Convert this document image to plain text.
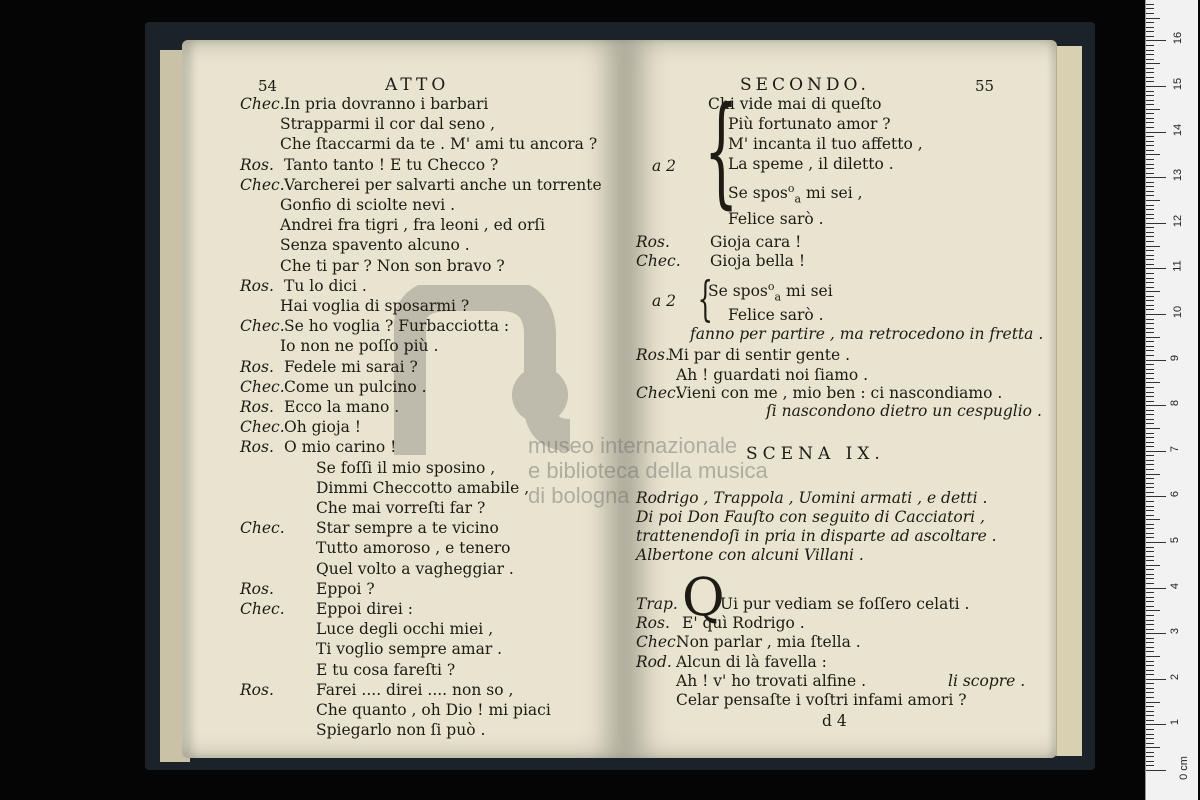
museo internazionale
e biblioteca della musica
di bologna
54	ATTO
Chec. In pria dovranno i barbari
Strapparmi il cor dal seno ,
Che ſtaccarmi da te . M' ami tu ancora ?
Ros. Tanto tanto ! E tu Checco ?
Chec. Varcherei per salvarti anche un torrente
Gonfio di sciolte nevi .
Andrei fra tigri , fra leoni , ed orſi
Senza spavento alcuno .
Che ti par ? Non son bravo ?
Ros. Tu lo dici .
Hai voglia di sposarmi ?
Chec. Se ho voglia ? Furbacciotta :
Io non ne poſſo più .
Ros. Fedele mi sarai ?
Chec. Come un pulcino .
Ros. Ecco la mano .
Chec. Oh gioja !
Ros. O mio carino !
Se foſſi il mio sposino ,
Dimmi Checcotto amabile ,
Che mai vorreſti far ?
Chec. Star sempre a te vicino
Tutto amoroso , e tenero
Quel volto a vagheggiar .
Ros.	Eppoi ?
Chec. Eppoi direi :
Luce degli occhi miei ,
Ti voglio sempre amar .
E tu cosa fareſti ?
Ros.	Farei .... direi .... non so ,
Che quanto , oh Dio ! mi piaci
Spiegarlo non ſi può .
SECONDO.	55
{
a 2
Chi vide mai di queſto
Più fortunato amor ?
M' incanta il tuo affetto ,
La speme , il diletto .
Se spos$^o_a$ mi sei ,
Felice sarò .
Ros.	Gioja cara !
Chec. Gioja bella !
{
a 2
Se spos$^o_a$ mi sei
Felice sarò .
fanno per partire , ma retrocedono in fretta .
Ros.
Mi par di sentir gente .
Ah ! guardati noi ſiamo .
Chec.
Vieni con me , mio ben : ci nascondiamo .
ſi nascondono dietro un cespuglio .
SCENA IX.
Rodrigo , Trappola , Uomini armati , e detti .
Di poi Don Fauſto con seguito di Cacciatori ,
trattenendoſi in pria in disparte ad ascoltare .
Albertone con alcuni Villani .
Trap. Q
Ui pur vediam se foſſero celati .
Ros. E' quì Rodrigo .
Chec.
Non parlar , mia ſtella .
Rod. Alcun di là favella :
Ah ! v' ho trovati alfine .	li scopre .
Celar pensaſte i voſtri infami amori ?
d 4
0 cm
1
2
3
4
5
6
7
8
9
10
11
12
13
14
15
16
